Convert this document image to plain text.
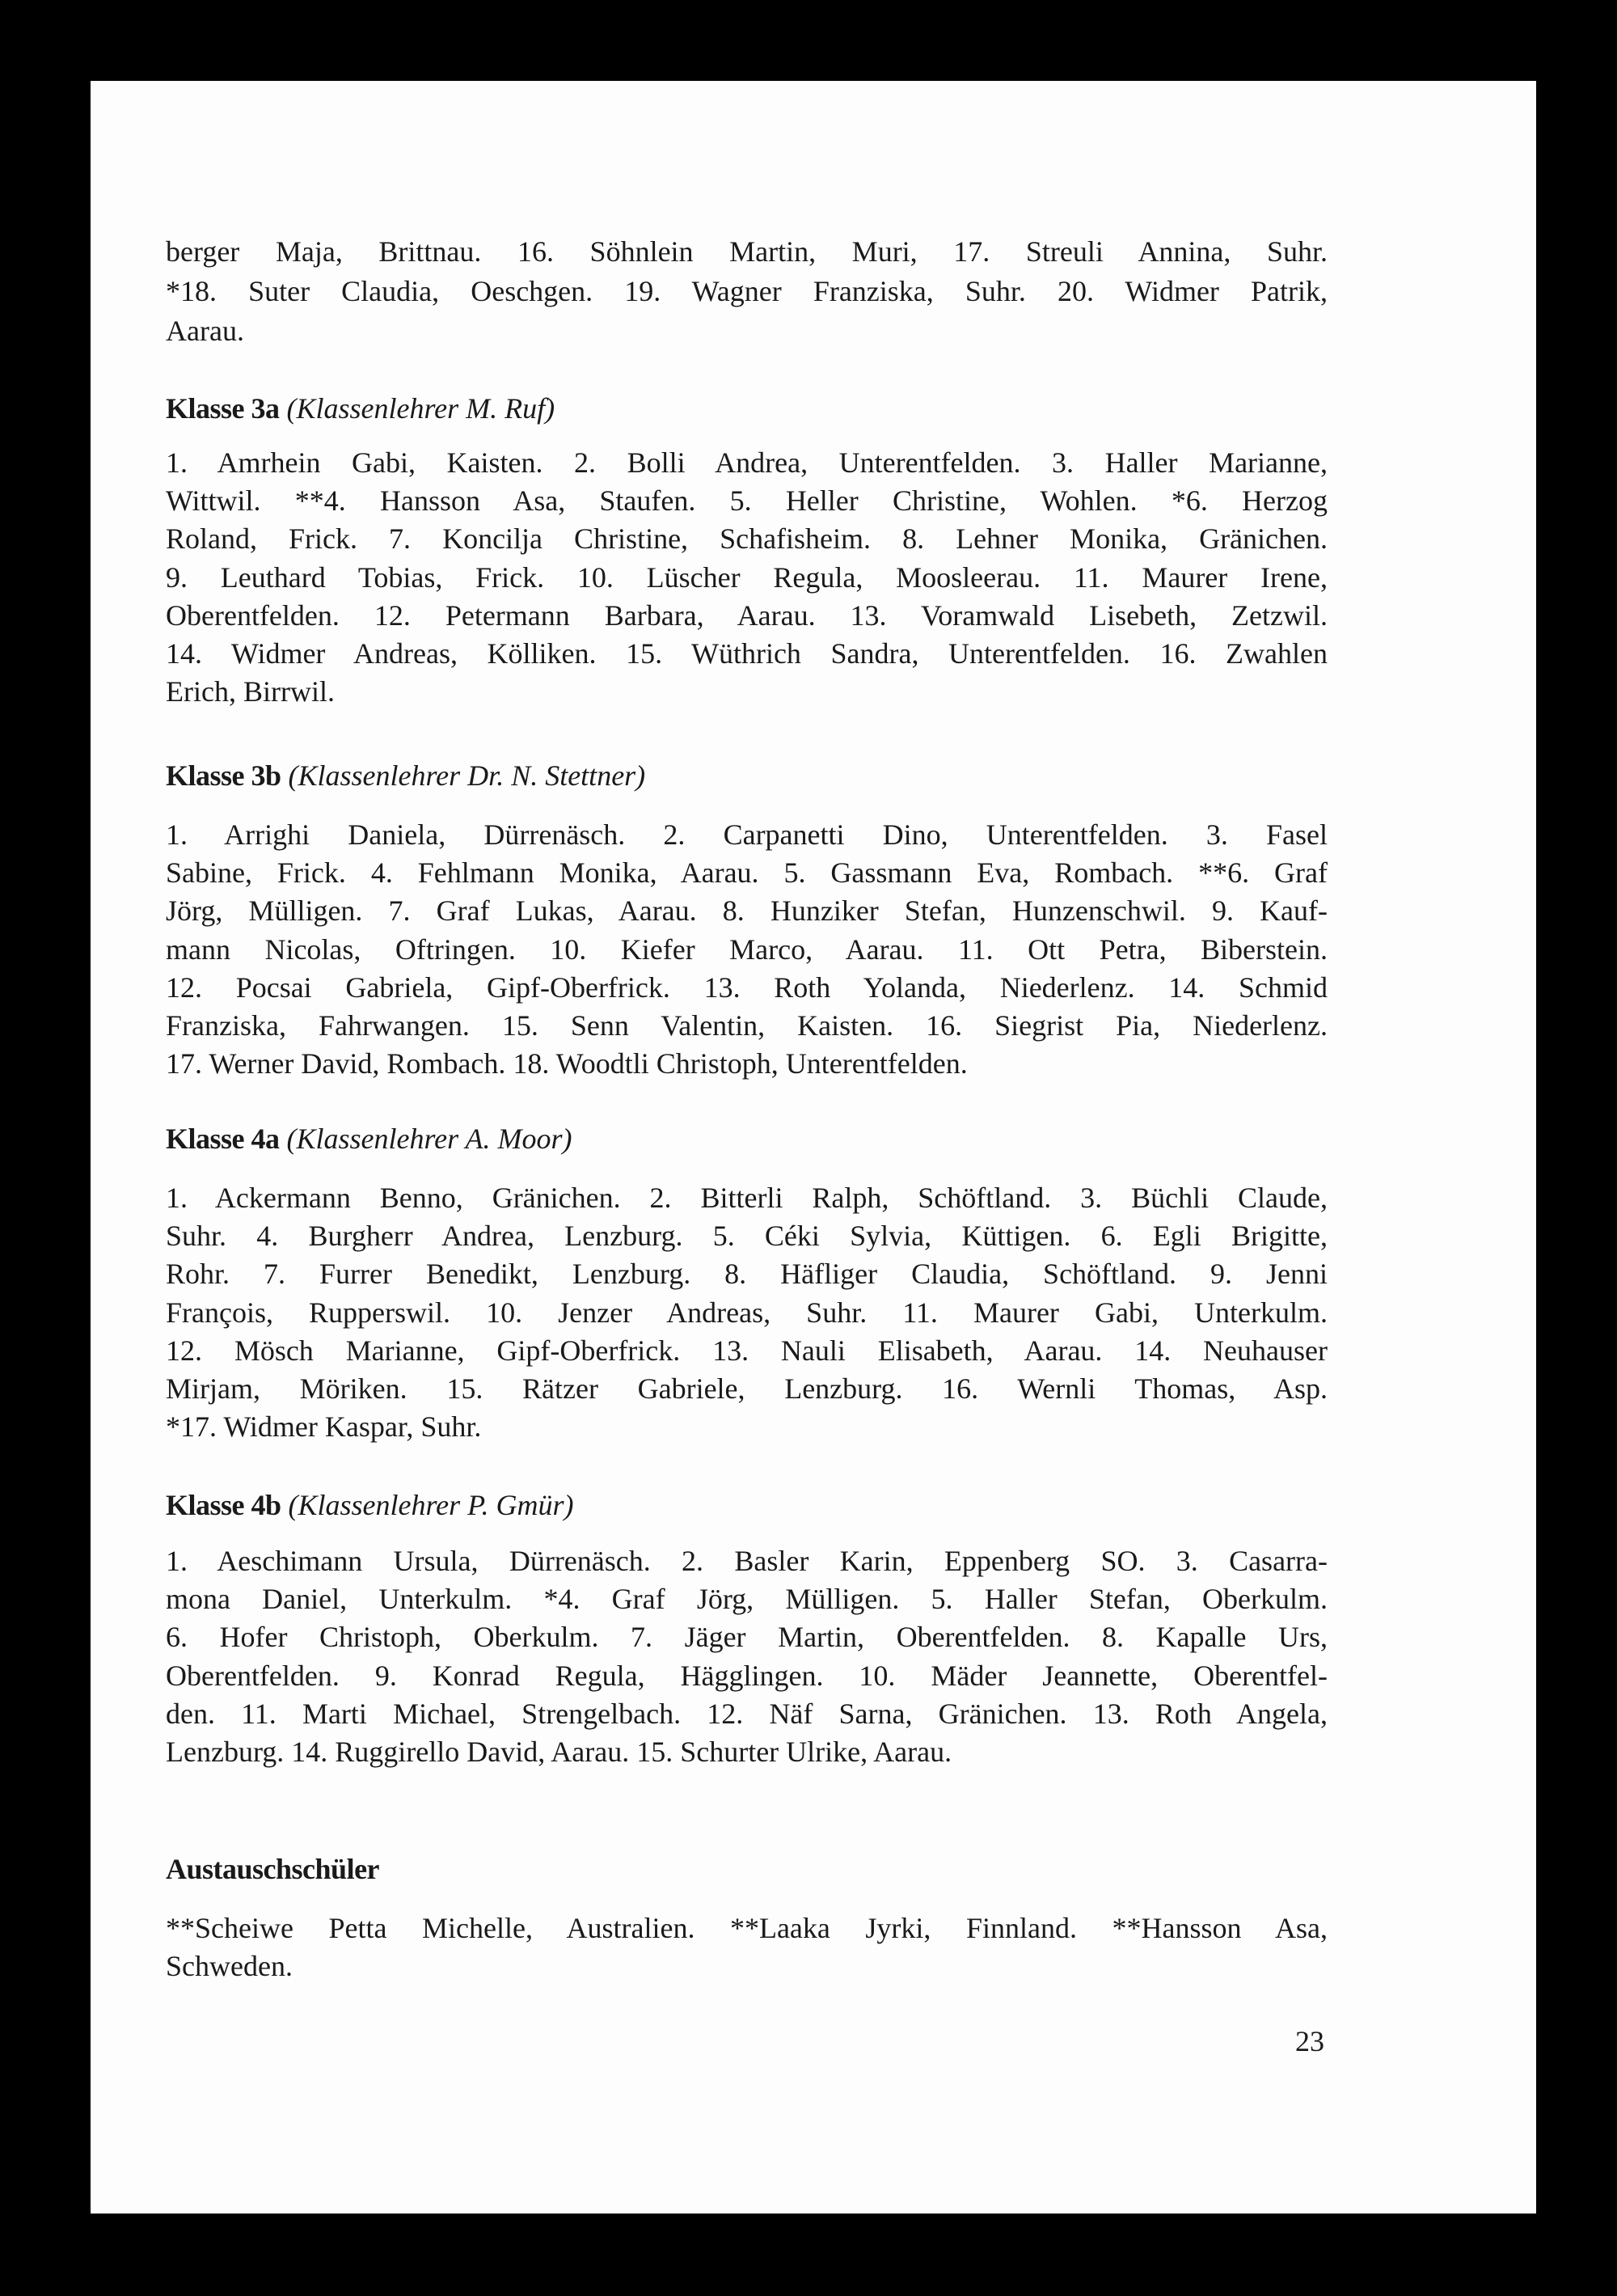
berger Maja, Brittnau. 16. Söhnlein Martin, Muri, 17. Streuli Annina, Suhr.
*18. Suter Claudia, Oeschgen. 19. Wagner Franziska, Suhr. 20. Widmer Patrik,
Aarau.
Klasse 3a (Klassenlehrer M. Ruf)
1. Amrhein Gabi, Kaisten. 2. Bolli Andrea, Unterentfelden. 3. Haller Marianne,
Wittwil. **4. Hansson Asa, Staufen. 5. Heller Christine, Wohlen. *6. Herzog
Roland, Frick. 7. Koncilja Christine, Schafisheim. 8. Lehner Monika, Gränichen.
9. Leuthard Tobias, Frick. 10. Lüscher Regula, Moosleerau. 11. Maurer Irene,
Oberentfelden. 12. Petermann Barbara, Aarau. 13. Voramwald Lisebeth, Zetzwil.
14. Widmer Andreas, Kölliken. 15. Wüthrich Sandra, Unterentfelden. 16. Zwahlen
Erich, Birrwil.
Klasse 3b (Klassenlehrer Dr. N. Stettner)
1. Arrighi Daniela, Dürrenäsch. 2. Carpanetti Dino, Unterentfelden. 3. Fasel
Sabine, Frick. 4. Fehlmann Monika, Aarau. 5. Gassmann Eva, Rombach. **6. Graf
Jörg, Mülligen. 7. Graf Lukas, Aarau. 8. Hunziker Stefan, Hunzenschwil. 9. Kauf-
mann Nicolas, Oftringen. 10. Kiefer Marco, Aarau. 11. Ott Petra, Biberstein.
12. Pocsai Gabriela, Gipf-Oberfrick. 13. Roth Yolanda, Niederlenz. 14. Schmid
Franziska, Fahrwangen. 15. Senn Valentin, Kaisten. 16. Siegrist Pia, Niederlenz.
17. Werner David, Rombach. 18. Woodtli Christoph, Unterentfelden.
Klasse 4a (Klassenlehrer A. Moor)
1. Ackermann Benno, Gränichen. 2. Bitterli Ralph, Schöftland. 3. Büchli Claude,
Suhr. 4. Burgherr Andrea, Lenzburg. 5. Céki Sylvia, Küttigen. 6. Egli Brigitte,
Rohr. 7. Furrer Benedikt, Lenzburg. 8. Häfliger Claudia, Schöftland. 9. Jenni
François, Rupperswil. 10. Jenzer Andreas, Suhr. 11. Maurer Gabi, Unterkulm.
12. Mösch Marianne, Gipf-Oberfrick. 13. Nauli Elisabeth, Aarau. 14. Neuhauser
Mirjam, Möriken. 15. Rätzer Gabriele, Lenzburg. 16. Wernli Thomas, Asp.
*17. Widmer Kaspar, Suhr.
Klasse 4b (Klassenlehrer P. Gmür)
1. Aeschimann Ursula, Dürrenäsch. 2. Basler Karin, Eppenberg SO. 3. Casarra-
mona Daniel, Unterkulm. *4. Graf Jörg, Mülligen. 5. Haller Stefan, Oberkulm.
6. Hofer Christoph, Oberkulm. 7. Jäger Martin, Oberentfelden. 8. Kapalle Urs,
Oberentfelden. 9. Konrad Regula, Hägglingen. 10. Mäder Jeannette, Oberentfel-
den. 11. Marti Michael, Strengelbach. 12. Näf Sarna, Gränichen. 13. Roth Angela,
Lenzburg. 14. Ruggirello David, Aarau. 15. Schurter Ulrike, Aarau.
Austauschschüler
**Scheiwe Petta Michelle, Australien. **Laaka Jyrki, Finnland. **Hansson Asa,
Schweden.
23
